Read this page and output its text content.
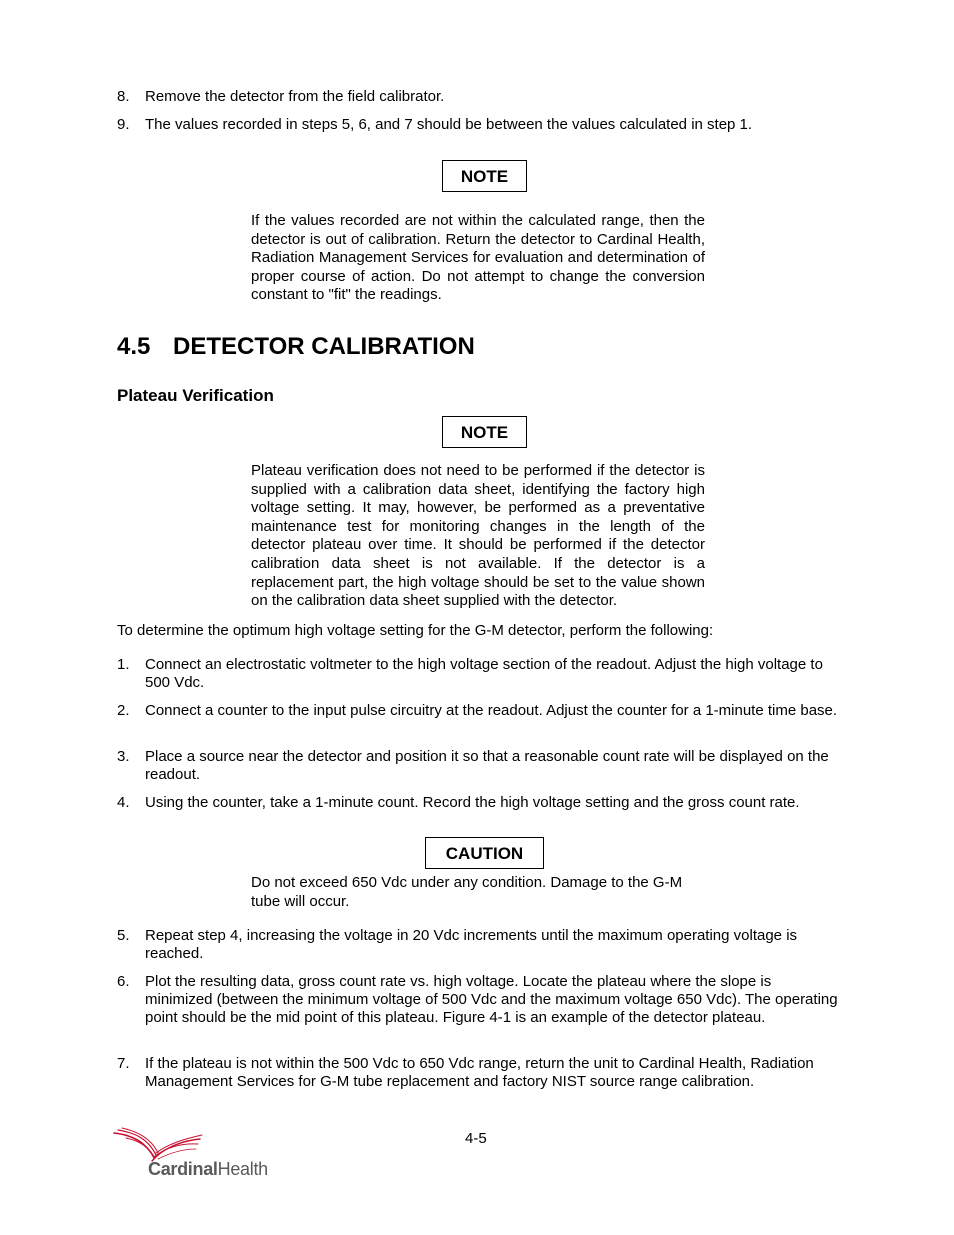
8. Remove the detector from the field calibrator.
9. The values recorded in steps 5, 6, and 7 should be between the values calculated in step 1.
NOTE
If the values recorded are not within the calculated range, then the detector is out of calibration. Return the detector to Cardinal Health, Radiation Management Services for evaluation and determination of proper course of action. Do not attempt to change the conversion constant to "fit" the readings.
4.5 DETECTOR CALIBRATION
Plateau Verification
NOTE
Plateau verification does not need to be performed if the detector is supplied with a calibration data sheet, identifying the factory high voltage setting. It may, however, be performed as a preventative maintenance test for monitoring changes in the length of the detector plateau over time. It should be performed if the detector calibration data sheet is not available. If the detector is a replacement part, the high voltage should be set to the value shown on the calibration data sheet supplied with the detector.
To determine the optimum high voltage setting for the G-M detector, perform the following:
1. Connect an electrostatic voltmeter to the high voltage section of the readout. Adjust the high voltage to 500 Vdc.
2. Connect a counter to the input pulse circuitry at the readout. Adjust the counter for a 1-minute time base.
3. Place a source near the detector and position it so that a reasonable count rate will be displayed on the readout.
4. Using the counter, take a 1-minute count. Record the high voltage setting and the gross count rate.
CAUTION
Do not exceed 650 Vdc under any condition. Damage to the G-M tube will occur.
5. Repeat step 4, increasing the voltage in 20 Vdc increments until the maximum operating voltage is reached.
6. Plot the resulting data, gross count rate vs. high voltage. Locate the plateau where the slope is minimized (between the minimum voltage of 500 Vdc and the maximum voltage 650 Vdc). The operating point should be the mid point of this plateau. Figure 4-1 is an example of the detector plateau.
7. If the plateau is not within the 500 Vdc to 650 Vdc range, return the unit to Cardinal Health, Radiation Management Services for G-M tube replacement and factory NIST source range calibration.
4-5
CardinalHealth
